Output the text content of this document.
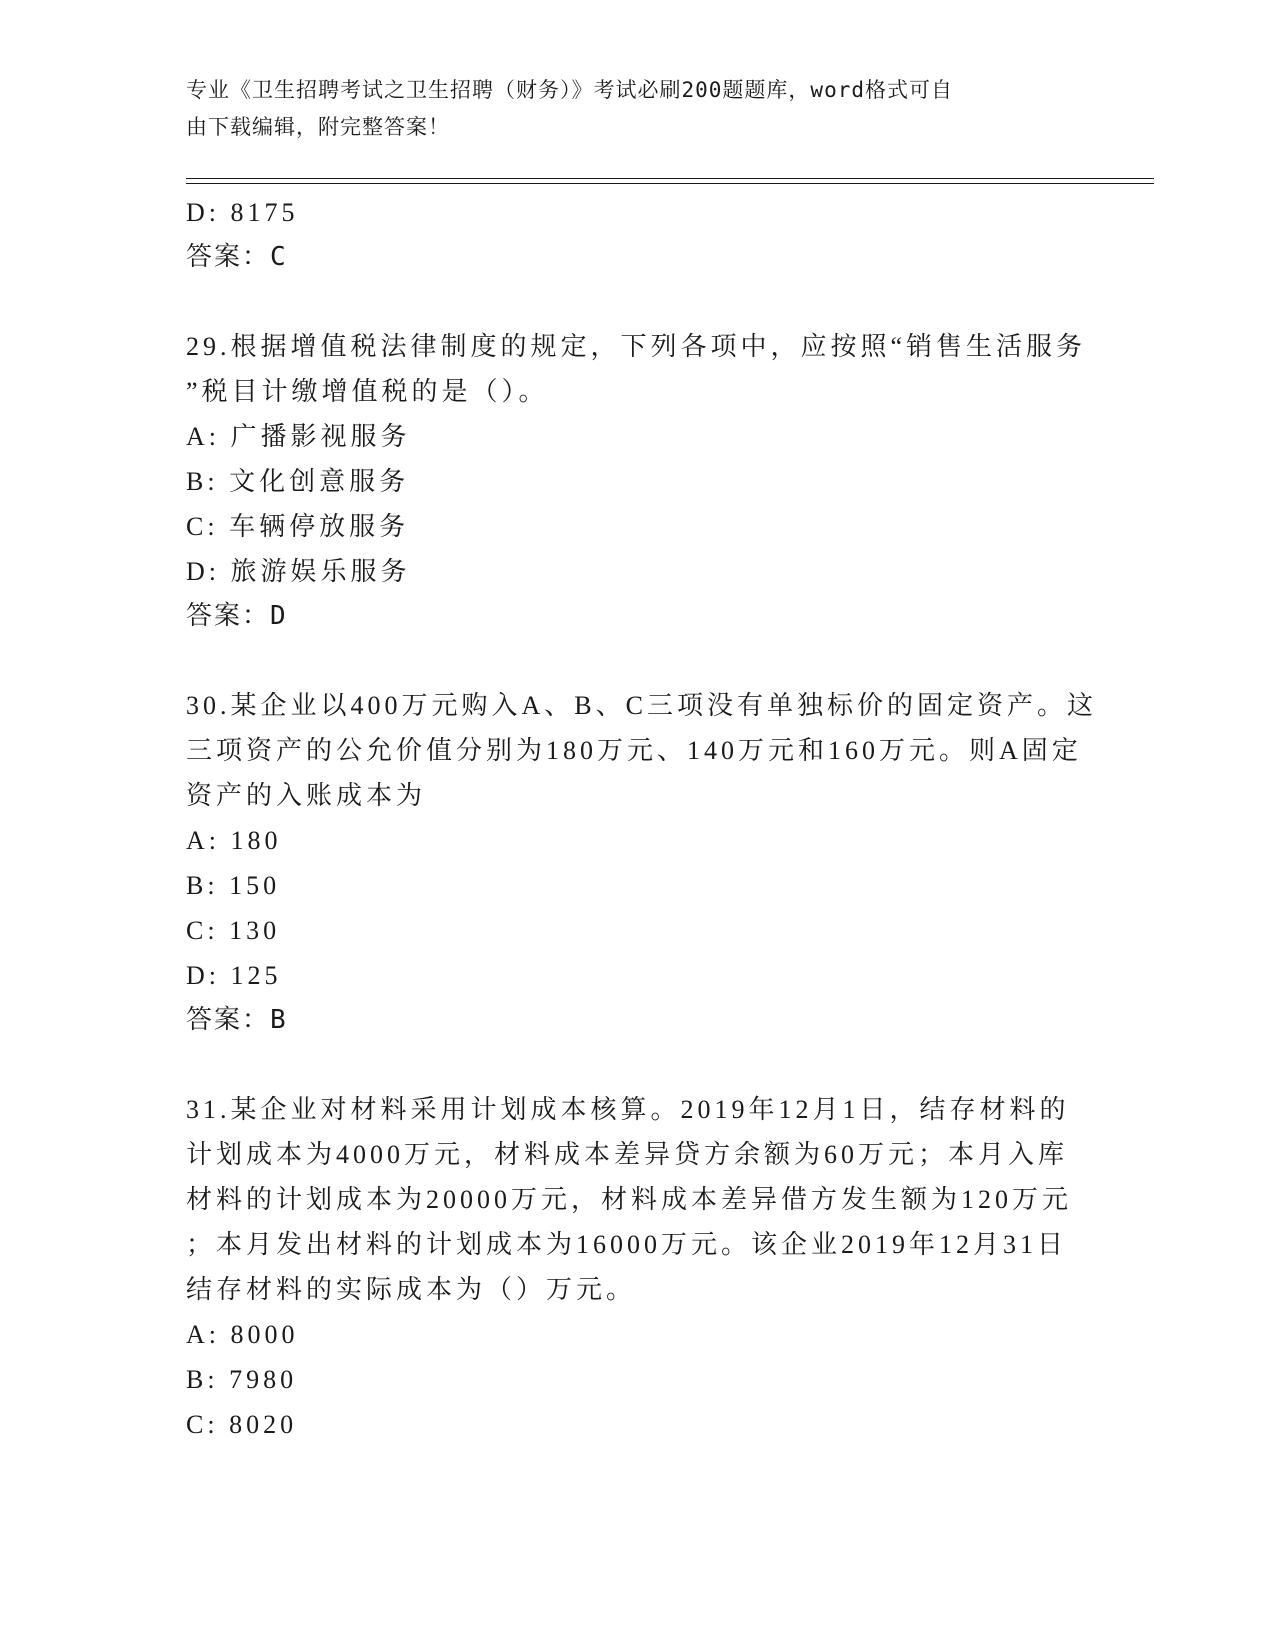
专业《卫生招聘考试之卫生招聘（财务）》考试必刷200题题库，word格式可自
由下载编辑，附完整答案！
D: 8175
答案：C
29.根据增值税法律制度的规定，下列各项中，应按照“销售生活服务
”税目计缴增值税的是（）。
A: 广播影视服务
B: 文化创意服务
C: 车辆停放服务
D: 旅游娱乐服务
答案：D
30.某企业以400万元购入A、B、C三项没有单独标价的固定资产。这
三项资产的公允价值分别为180万元、140万元和160万元。则A固定
资产的入账成本为
A: 180
B: 150
C: 130
D: 125
答案：B
31.某企业对材料采用计划成本核算。2019年12月1日，结存材料的
计划成本为4000万元，材料成本差异贷方余额为60万元；本月入库
材料的计划成本为20000万元，材料成本差异借方发生额为120万元
；本月发出材料的计划成本为16000万元。该企业2019年12月31日
结存材料的实际成本为（）万元。
A: 8000
B: 7980
C: 8020
